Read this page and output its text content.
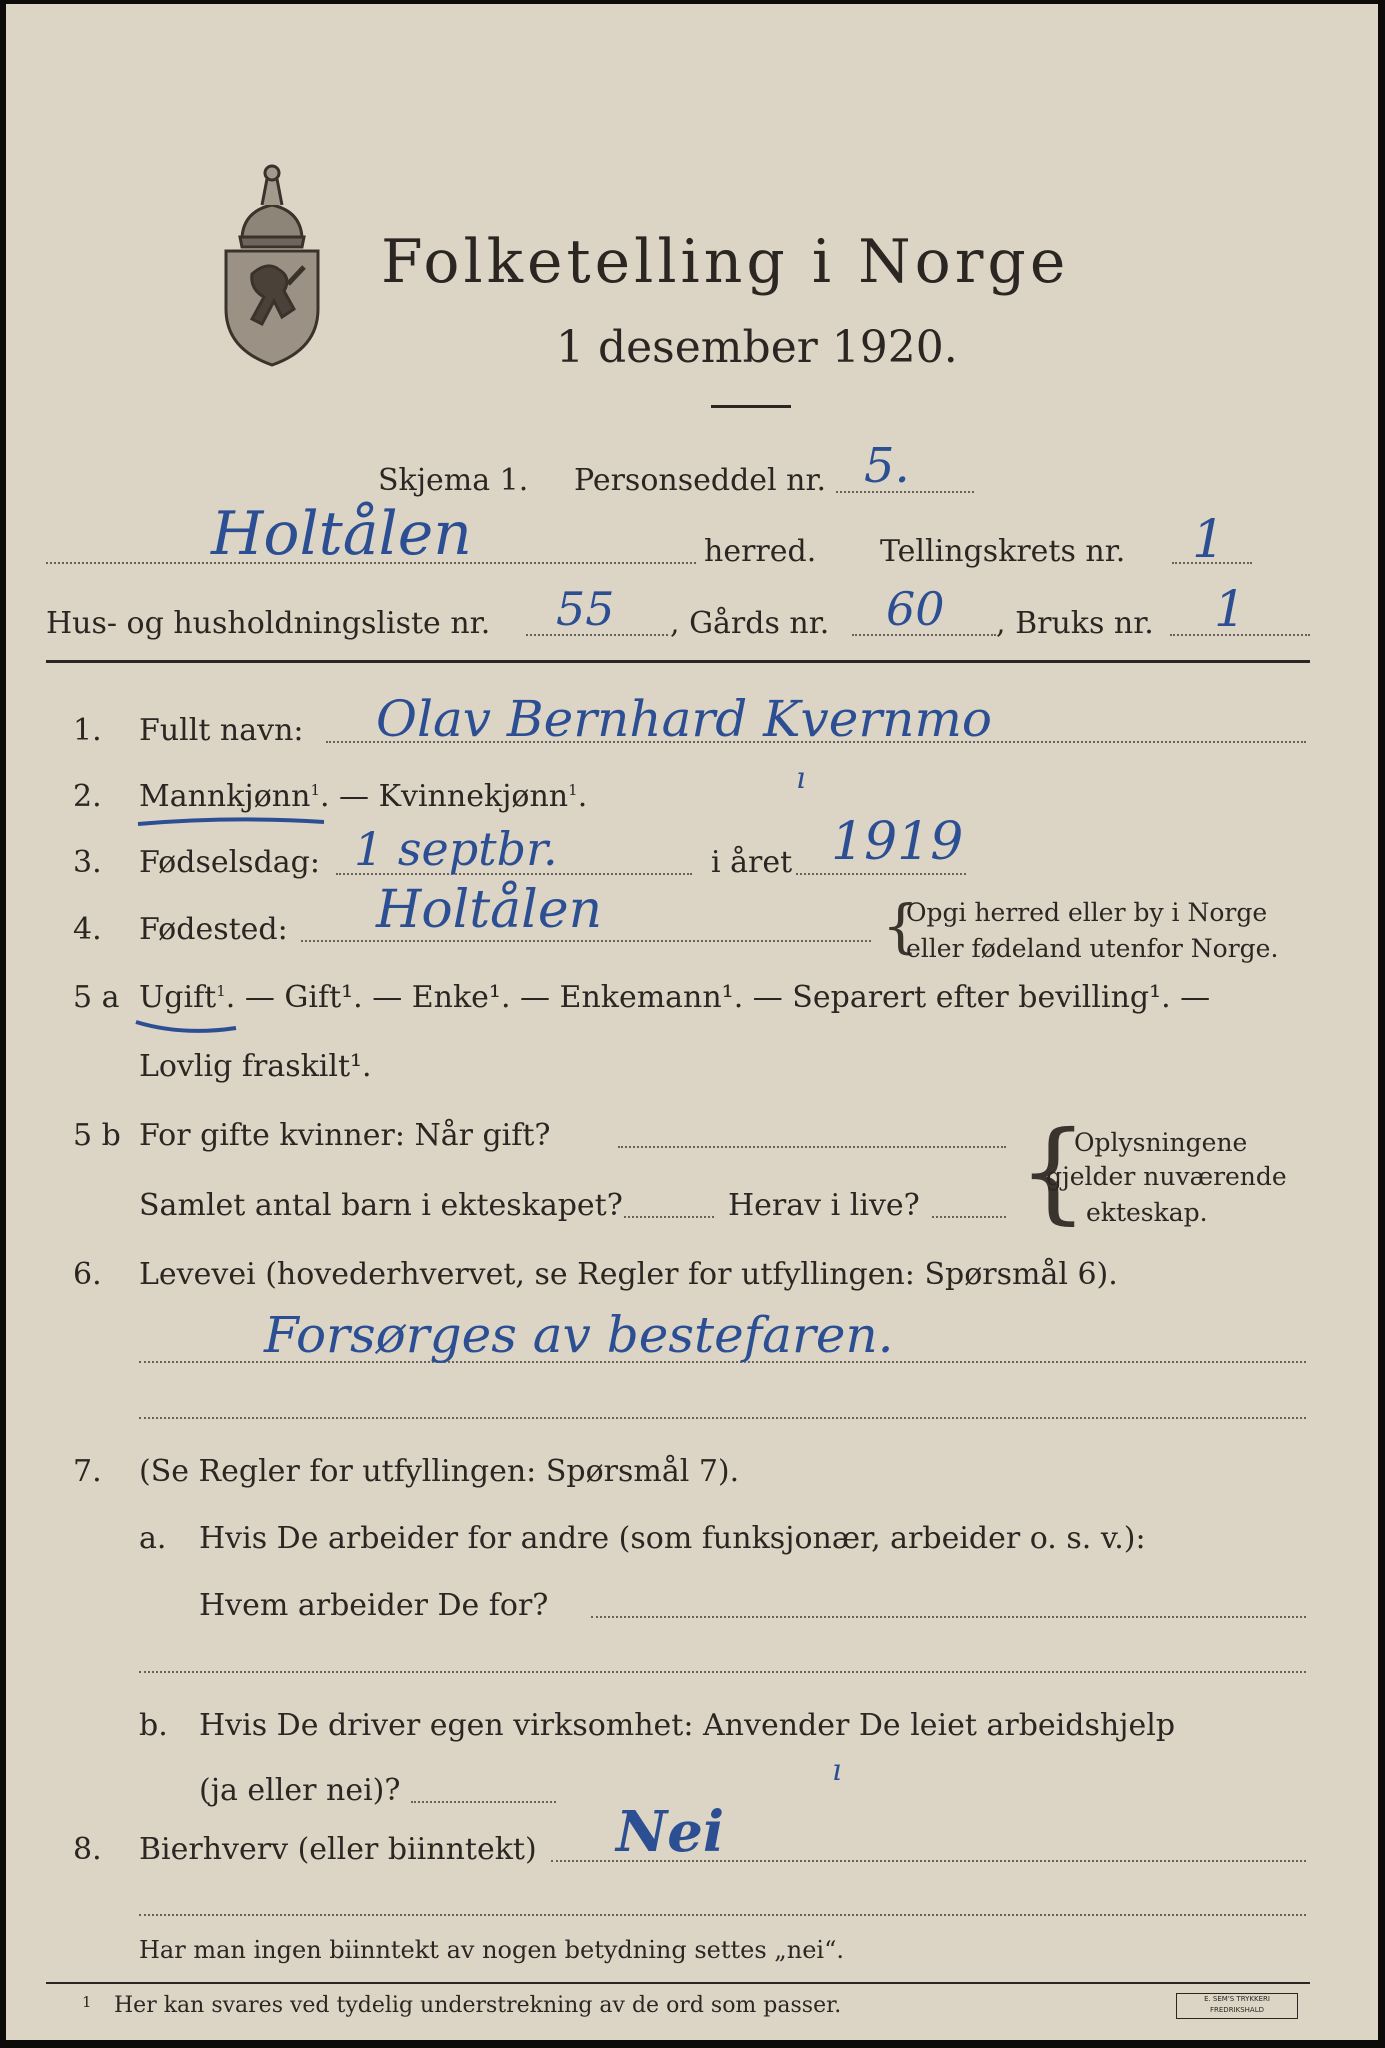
Folketelling i Norge
1 desember 1920.
Skjema 1. Personseddel nr. 5.
Holtålen	herred. Tellingskrets nr. 1
Hus- og husholdningsliste nr. 55 , Gårds nr. 60 , Bruks nr. 1
1. Fullt navn: Olav Bernhard Kvernmo
2. Mannkjønn$^1$. — Kvinnekjønn$^1$.
ı
3. Fødselsdag: 1 septbr.	i året 1919
4. Fødested: Holtålen	{
Opgi herred eller by i Norge
eller fødeland utenfor Norge.
5 a Ugift$^1$. — Gift¹. — Enke¹. — Enkemann¹. — Separert efter bevilling¹. —
Lovlig fraskilt¹.
5 b For gifte kvinner: Når gift?
Samlet antal barn i ekteskapet?	Herav i live? {
Oplysningene
gjelder nuværende
ekteskap.
6. Levevei (hovederhvervet, se Regler for utfyllingen: Spørsmål 6).
Forsørges av bestefaren.
7. (Se Regler for utfyllingen: Spørsmål 7).
a. Hvis De arbeider for andre (som funksjonær, arbeider o. s. v.):
Hvem arbeider De for?
b. Hvis De driver egen virksomhet: Anvender De leiet arbeidshjelp
(ja eller nei)?
ı
8. Bierhverv (eller biinntekt) Nei
Har man ingen biinntekt av nogen betydning settes „nei“.
1 Her kan svares ved tydelig understrekning av de ord som passer.	E. SEM'S TRYKKERI FREDRIKSHALD
